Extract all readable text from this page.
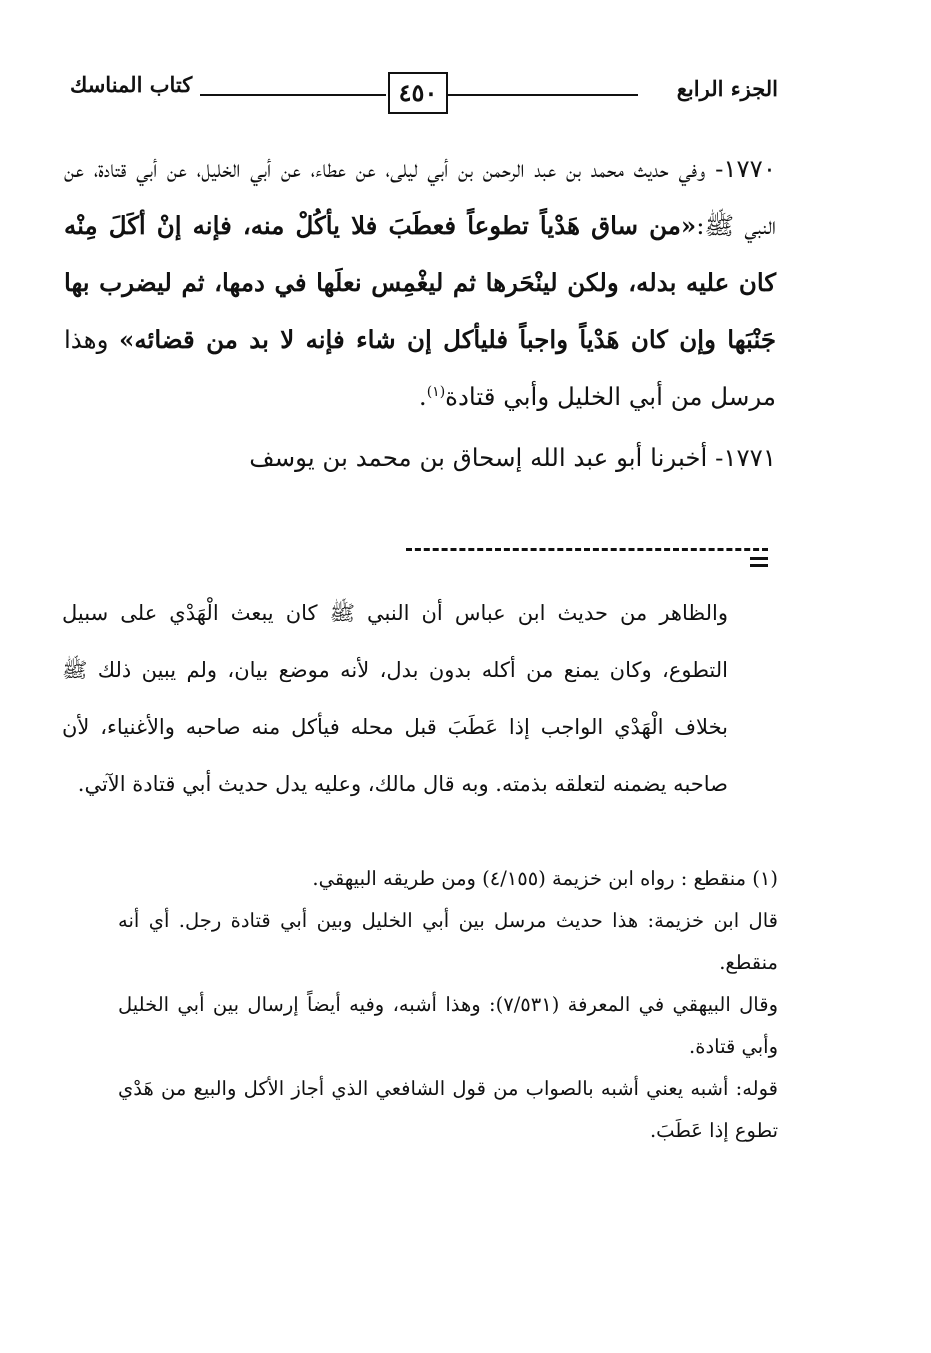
كتاب المناسك	٤٥٠	الجزء الرابع

١٧٧٠- وفي حديث محمد بن عبد الرحمن بن أبي ليلى، عن عطاء، عن أبي الخليل، عن أبي قتادة، عن النبي ﷺ:«من ساق هَدْياً تطوعاً فعطَبَ فلا يأكُلْ منه، فإنه إنْ أكَلَ مِنْه كان عليه بدله، ولكن لينْحَرها ثم ليغْمِس نعلَها في دمها، ثم ليضرب بها جَنْبَها وإن كان هَدْياً واجباً فليأكل إن شاء فإنه لا بد من قضائه» وهذا مرسل من أبي الخليل وأبي قتادة$^{(١)}$.

١٧٧١- أخبرنا أبو عبد الله إسحاق بن محمد بن يوسف

والظاهر من حديث ابن عباس أن النبي ﷺ كان يبعث الْهَدْي على سبيل التطوع، وكان يمنع من أكله بدون بدل، لأنه موضع بيان، ولم يبين ذلك ﷺ بخلاف الْهَدْي الواجب إذا عَطَبَ قبل محله فيأكل منه صاحبه والأغنياء، لأن صاحبه يضمنه لتعلقه بذمته. وبه قال مالك، وعليه يدل حديث أبي قتادة الآتي.

(١) منقطع : رواه ابن خزيمة (٤/١٥٥) ومن طريقه البيهقي.

قال ابن خزيمة: هذا حديث مرسل بين أبي الخليل وبين أبي قتادة رجل. أي أنه منقطع.

وقال البيهقي في المعرفة (٧/٥٣١): وهذا أشبه، وفيه أيضاً إرسال بين أبي الخليل وأبي قتادة.

قوله: أشبه يعني أشبه بالصواب من قول الشافعي الذي أجاز الأكل والبيع من هَدْي تطوع إذا عَطَبَ.
